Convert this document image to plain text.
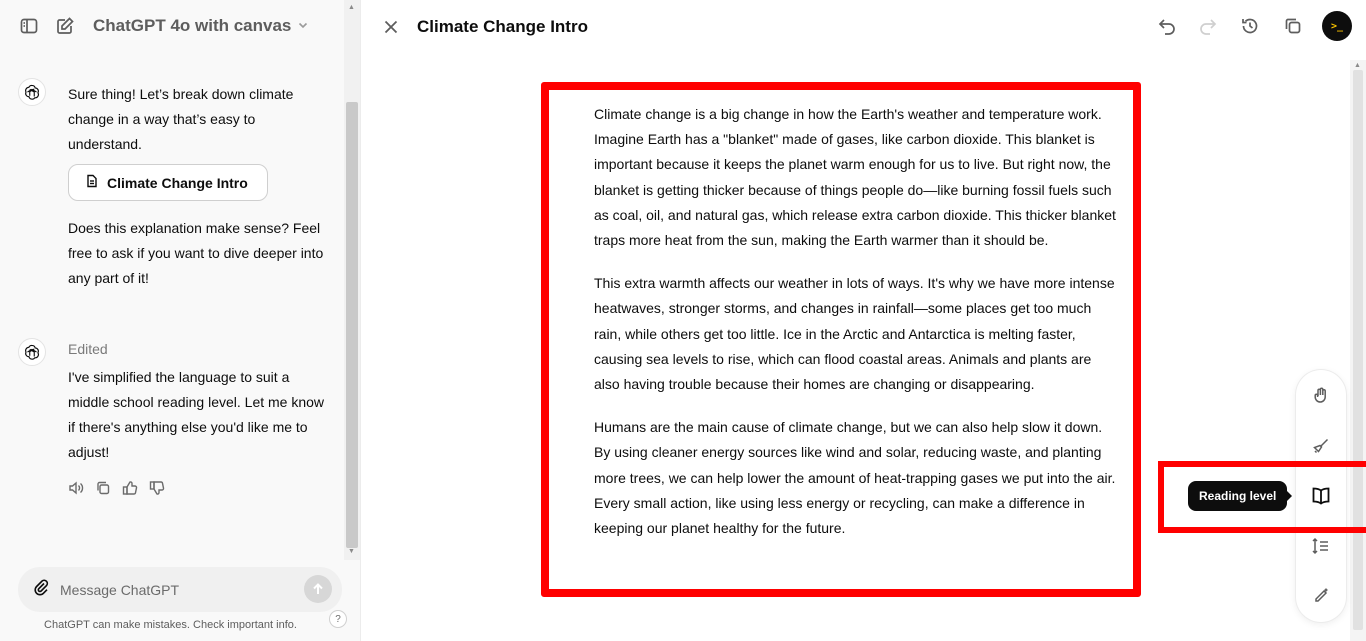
ChatGPT 4o with canvas
Sure thing! Let’s break down climate change in a way that’s easy to understand.
Climate Change Intro
Does this explanation make sense? Feel free to ask if you want to dive deeper into any part of it!
Edited
I've simplified the language to suit a middle school reading level. Let me know if there's anything else you'd like me to adjust!
▲
▼
Message ChatGPT
ChatGPT can make mistakes. Check important info.	?
Climate Change Intro	>_
▲

Climate change is a big change in how the Earth's weather and temperature work. Imagine Earth has a "blanket" made of gases, like carbon dioxide. This blanket is important because it keeps the planet warm enough for us to live. But right now, the blanket is getting thicker because of things people do—like burning fossil fuels such as coal, oil, and natural gas, which release extra carbon dioxide. This thicker blanket traps more heat from the sun, making the Earth warmer than it should be.

This extra warmth affects our weather in lots of ways. It's why we have more intense heatwaves, stronger storms, and changes in rainfall—some places get too much rain, while others get too little. Ice in the Arctic and Antarctica is melting faster, causing sea levels to rise, which can flood coastal areas. Animals and plants are also having trouble because their homes are changing or disappearing.

Humans are the main cause of climate change, but we can also help slow it down. By using cleaner energy sources like wind and solar, reducing waste, and planting more trees, we can help lower the amount of heat-trapping gases we put into the air. Every small action, like using less energy or recycling, can make a difference in keeping our planet healthy for the future.

Reading level
